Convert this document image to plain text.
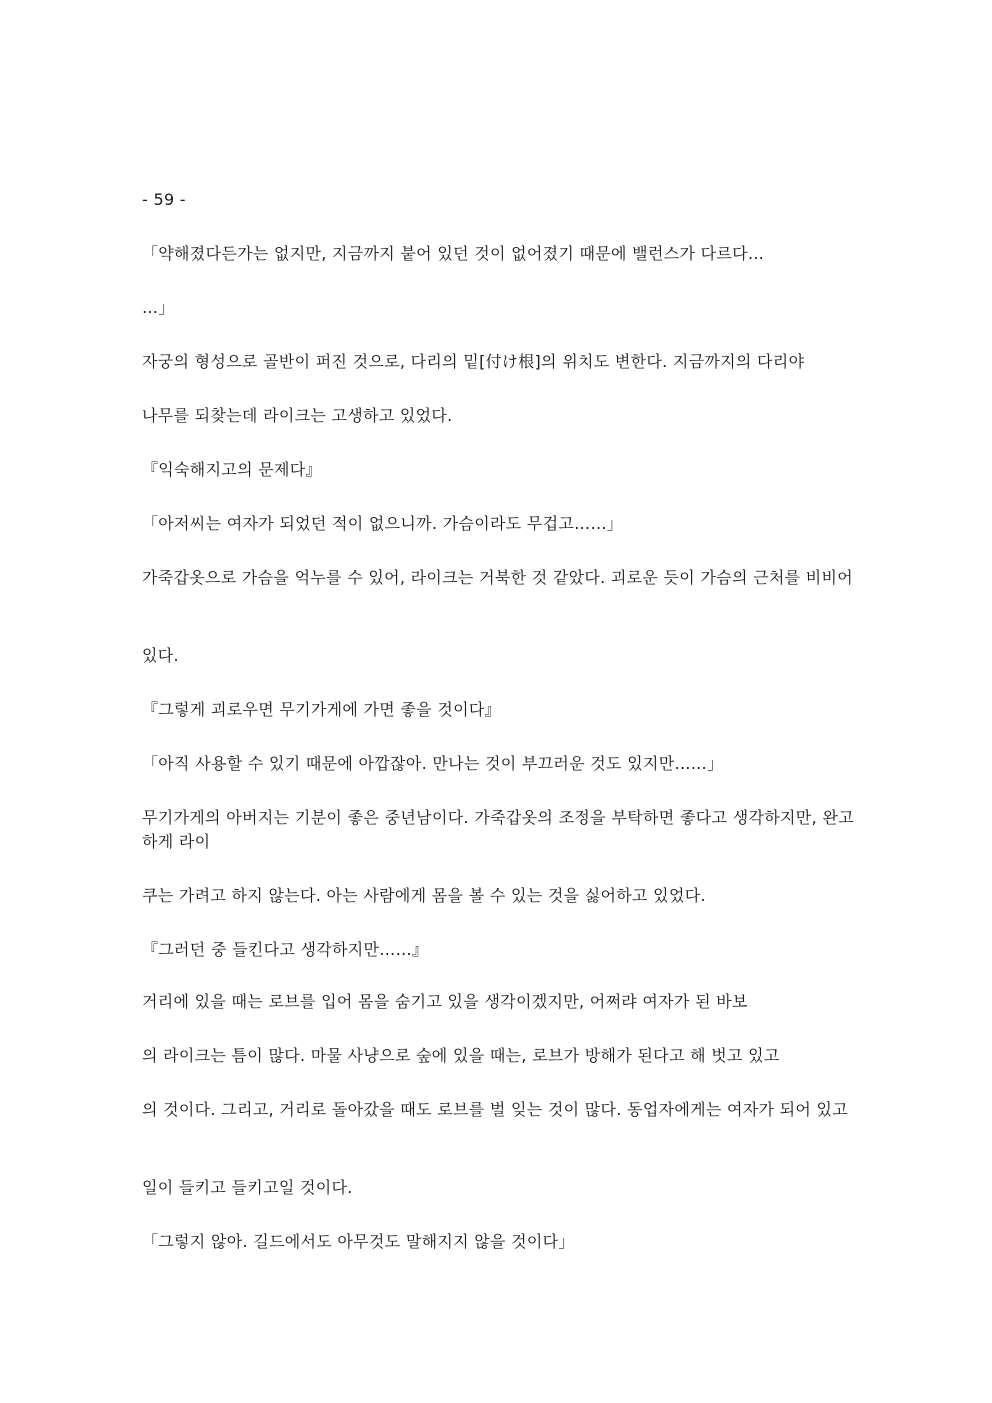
- 59 -
「약해졌다든가는 없지만, 지금까지 붙어 있던 것이 없어졌기 때문에 밸런스가 다르다…
…」
자궁의 형성으로 골반이 퍼진 것으로, 다리의 밑[付け根]의 위치도 변한다. 지금까지의 다리야
나무를 되찾는데 라이크는 고생하고 있었다.
『익숙해지고의 문제다』
「아저씨는 여자가 되었던 적이 없으니까. 가슴이라도 무겁고……」
가죽갑옷으로 가슴을 억누를 수 있어, 라이크는 거북한 것 같았다. 괴로운 듯이 가슴의 근처를 비비어
있다.
『그렇게 괴로우면 무기가게에 가면 좋을 것이다』
「아직 사용할 수 있기 때문에 아깝잖아. 만나는 것이 부끄러운 것도 있지만……」
무기가게의 아버지는 기분이 좋은 중년남이다. 가죽갑옷의 조정을 부탁하면 좋다고 생각하지만, 완고하게 라이
쿠는 가려고 하지 않는다. 아는 사람에게 몸을 볼 수 있는 것을 싫어하고 있었다.
『그러던 중 들킨다고 생각하지만……』
거리에 있을 때는 로브를 입어 몸을 숨기고 있을 생각이겠지만, 어쩌랴 여자가 된 바보
의 라이크는 틈이 많다. 마물 사냥으로 숲에 있을 때는, 로브가 방해가 된다고 해 벗고 있고
의 것이다. 그리고, 거리로 돌아갔을 때도 로브를 벌 잊는 것이 많다. 동업자에게는 여자가 되어 있고
일이 들키고 들키고일 것이다.
「그렇지 않아. 길드에서도 아무것도 말해지지 않을 것이다」
